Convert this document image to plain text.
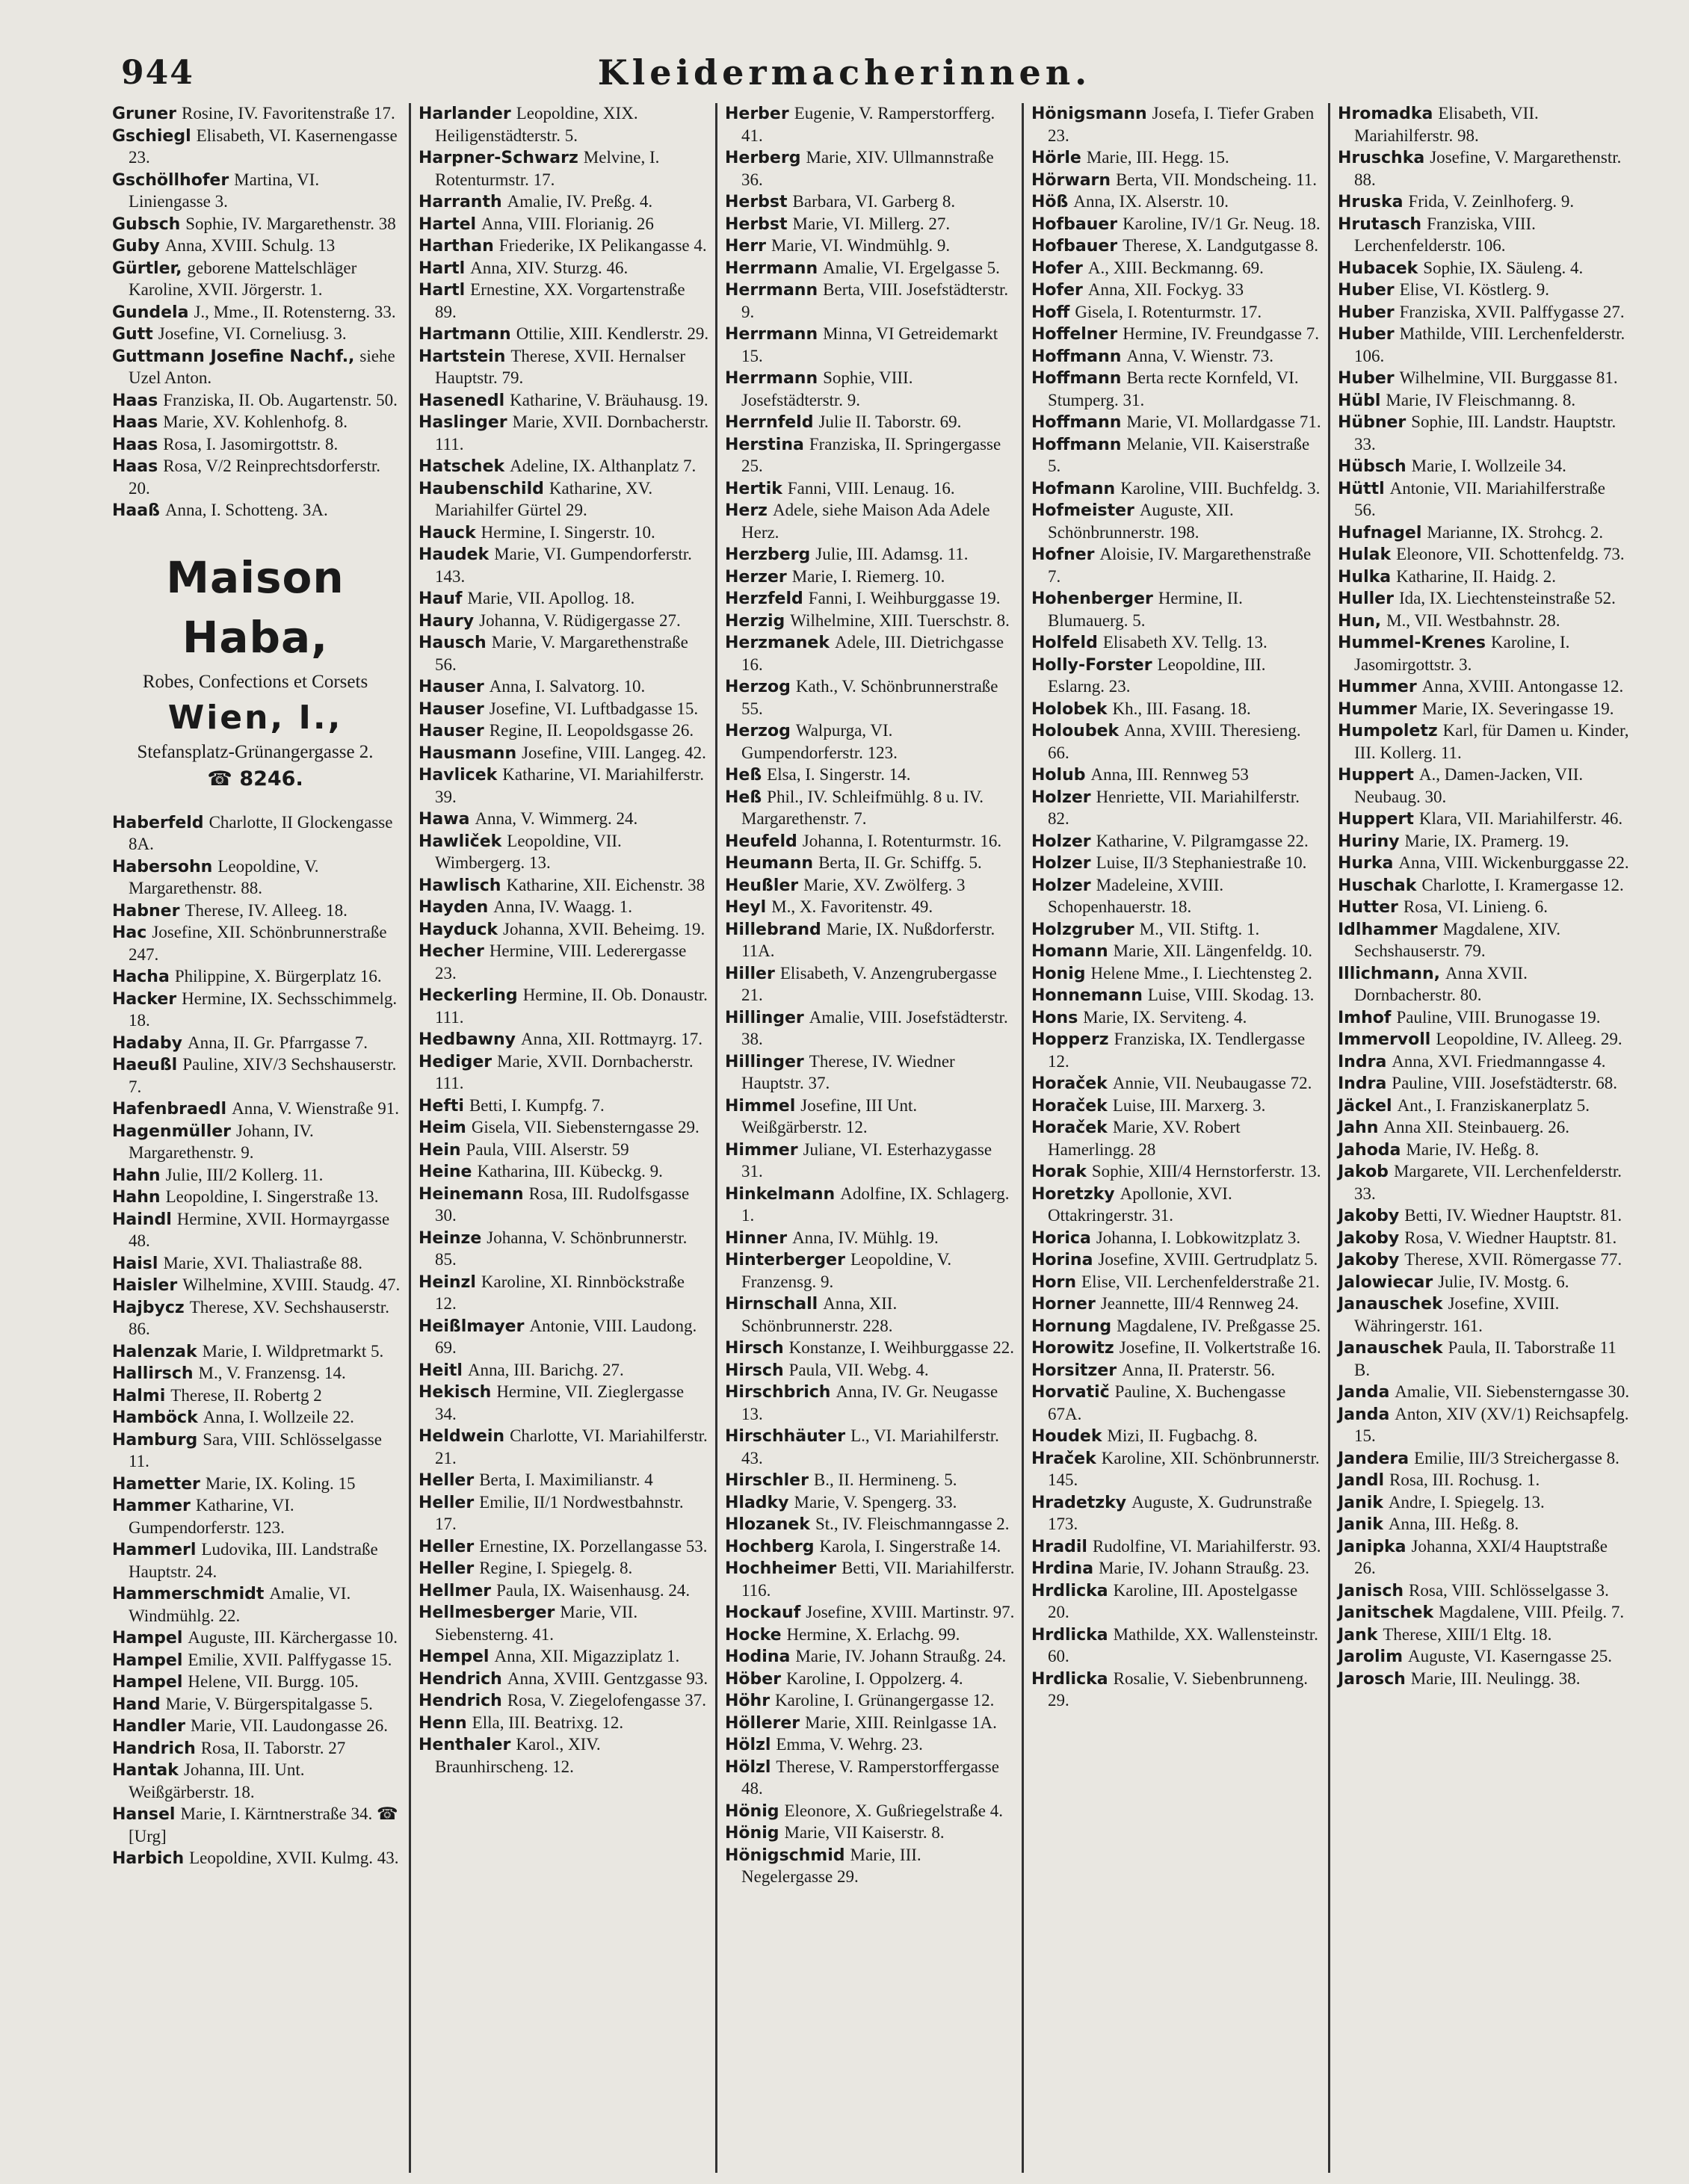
944	Kleidermacherinnen.

Gruner Rosine, IV. Favoritenstraße 17.

Gschiegl Elisabeth, VI. Kasernengasse 23.

Gschöllhofer Martina, VI. Liniengasse 3.

Gubsch Sophie, IV. Margarethenstr. 38

Guby Anna, XVIII. Schulg. 13

Gürtler, geborene Mattelschläger Karoline, XVII. Jörgerstr. 1.

Gundela J., Mme., II. Rotensterng. 33.

Gutt Josefine, VI. Corneliusg. 3.

Guttmann Josefine Nachf., siehe Uzel Anton.

Haas Franziska, II. Ob. Augartenstr. 50.

Haas Marie, XV. Kohlenhofg. 8.

Haas Rosa, I. Jasomirgottstr. 8.

Haas Rosa, V/2 Reinprechtsdorferstr. 20.

Haaß Anna, I. Schotteng. 3A.

Maison Haba,
Robes, Confections et Corsets
Wien, I.,
Stefansplatz-Grünangergasse 2.
☎ 8246.

Haberfeld Charlotte, II Glockengasse 8A.

Habersohn Leopoldine, V. Margarethenstr. 88.

Habner Therese, IV. Alleeg. 18.

Hac Josefine, XII. Schönbrunnerstraße 247.

Hacha Philippine, X. Bürgerplatz 16.

Hacker Hermine, IX. Sechsschimmelg. 18.

Hadaby Anna, II. Gr. Pfarrgasse 7.

Haeußl Pauline, XIV/3 Sechshauserstr. 7.

Hafenbraedl Anna, V. Wienstraße 91.

Hagenmüller Johann, IV. Margarethenstr. 9.

Hahn Julie, III/2 Kollerg. 11.

Hahn Leopoldine, I. Singerstraße 13.

Haindl Hermine, XVII. Hormayrgasse 48.

Haisl Marie, XVI. Thaliastraße 88.

Haisler Wilhelmine, XVIII. Staudg. 47.

Hajbycz Therese, XV. Sechshauserstr. 86.

Halenzak Marie, I. Wildpretmarkt 5.

Hallirsch M., V. Franzensg. 14.

Halmi Therese, II. Robertg 2

Hamböck Anna, I. Wollzeile 22.

Hamburg Sara, VIII. Schlösselgasse 11.

Hametter Marie, IX. Koling. 15

Hammer Katharine, VI. Gumpendorferstr. 123.

Hammerl Ludovika, III. Landstraße Hauptstr. 24.

Hammerschmidt Amalie, VI. Windmühlg. 22.

Hampel Auguste, III. Kärchergasse 10.

Hampel Emilie, XVII. Palffygasse 15.

Hampel Helene, VII. Burgg. 105.

Hand Marie, V. Bürgerspitalgasse 5.

Handler Marie, VII. Laudongasse 26.

Handrich Rosa, II. Taborstr. 27

Hantak Johanna, III. Unt. Weißgärberstr. 18.

Hansel Marie, I. Kärntnerstraße 34. ☎ [Urg]

Harbich Leopoldine, XVII. Kulmg. 43.

Harlander Leopoldine, XIX. Heiligenstädterstr. 5.

Harpner-Schwarz Melvine, I. Rotenturmstr. 17.

Harranth Amalie, IV. Preßg. 4.

Hartel Anna, VIII. Florianig. 26

Harthan Friederike, IX Pelikangasse 4.

Hartl Anna, XIV. Sturzg. 46.

Hartl Ernestine, XX. Vorgartenstraße 89.

Hartmann Ottilie, XIII. Kendlerstr. 29.

Hartstein Therese, XVII. Hernalser Hauptstr. 79.

Hasenedl Katharine, V. Bräuhausg. 19.

Haslinger Marie, XVII. Dornbacherstr. 111.

Hatschek Adeline, IX. Althanplatz 7.

Haubenschild Katharine, XV. Mariahilfer Gürtel 29.

Hauck Hermine, I. Singerstr. 10.

Haudek Marie, VI. Gumpendorferstr. 143.

Hauf Marie, VII. Apollog. 18.

Haury Johanna, V. Rüdigergasse 27.

Hausch Marie, V. Margarethenstraße 56.

Hauser Anna, I. Salvatorg. 10.

Hauser Josefine, VI. Luftbadgasse 15.

Hauser Regine, II. Leopoldsgasse 26.

Hausmann Josefine, VIII. Langeg. 42.

Havlicek Katharine, VI. Mariahilferstr. 39.

Hawa Anna, V. Wimmerg. 24.

Hawliček Leopoldine, VII. Wimbergerg. 13.

Hawlisch Katharine, XII. Eichenstr. 38

Hayden Anna, IV. Waagg. 1.

Hayduck Johanna, XVII. Beheimg. 19.

Hecher Hermine, VIII. Lederergasse 23.

Heckerling Hermine, II. Ob. Donaustr. 111.

Hedbawny Anna, XII. Rottmayrg. 17.

Hediger Marie, XVII. Dornbacherstr. 111.

Hefti Betti, I. Kumpfg. 7.

Heim Gisela, VII. Siebensterngasse 29.

Hein Paula, VIII. Alserstr. 59

Heine Katharina, III. Kübeckg. 9.

Heinemann Rosa, III. Rudolfsgasse 30.

Heinze Johanna, V. Schönbrunnerstr. 85.

Heinzl Karoline, XI. Rinnböckstraße 12.

Heißlmayer Antonie, VIII. Laudong. 69.

Heitl Anna, III. Barichg. 27.

Hekisch Hermine, VII. Zieglergasse 34.

Heldwein Charlotte, VI. Mariahilferstr. 21.

Heller Berta, I. Maximilianstr. 4

Heller Emilie, II/1 Nordwestbahnstr. 17.

Heller Ernestine, IX. Porzellangasse 53.

Heller Regine, I. Spiegelg. 8.

Hellmer Paula, IX. Waisenhausg. 24.

Hellmesberger Marie, VII. Siebensterng. 41.

Hempel Anna, XII. Migazziplatz 1.

Hendrich Anna, XVIII. Gentzgasse 93.

Hendrich Rosa, V. Ziegelofengasse 37.

Henn Ella, III. Beatrixg. 12.

Henthaler Karol., XIV. Braunhirscheng. 12.

Herber Eugenie, V. Ramperstorfferg. 41.

Herberg Marie, XIV. Ullmannstraße 36.

Herbst Barbara, VI. Garberg 8.

Herbst Marie, VI. Millerg. 27.

Herr Marie, VI. Windmühlg. 9.

Herrmann Amalie, VI. Ergelgasse 5.

Herrmann Berta, VIII. Josefstädterstr. 9.

Herrmann Minna, VI Getreidemarkt 15.

Herrmann Sophie, VIII. Josefstädterstr. 9.

Herrnfeld Julie II. Taborstr. 69.

Herstina Franziska, II. Springergasse 25.

Hertik Fanni, VIII. Lenaug. 16.

Herz Adele, siehe Maison Ada Adele Herz.

Herzberg Julie, III. Adamsg. 11.

Herzer Marie, I. Riemerg. 10.

Herzfeld Fanni, I. Weihburggasse 19.

Herzig Wilhelmine, XIII. Tuerschstr. 8.

Herzmanek Adele, III. Dietrichgasse 16.

Herzog Kath., V. Schönbrunnerstraße 55.

Herzog Walpurga, VI. Gumpendorferstr. 123.

Heß Elsa, I. Singerstr. 14.

Heß Phil., IV. Schleifmühlg. 8 u. IV. Margarethenstr. 7.

Heufeld Johanna, I. Rotenturmstr. 16.

Heumann Berta, II. Gr. Schiffg. 5.

Heußler Marie, XV. Zwölferg. 3

Heyl M., X. Favoritenstr. 49.

Hillebrand Marie, IX. Nußdorferstr. 11A.

Hiller Elisabeth, V. Anzengrubergasse 21.

Hillinger Amalie, VIII. Josefstädterstr. 38.

Hillinger Therese, IV. Wiedner Hauptstr. 37.

Himmel Josefine, III Unt. Weißgärberstr. 12.

Himmer Juliane, VI. Esterhazygasse 31.

Hinkelmann Adolfine, IX. Schlagerg. 1.

Hinner Anna, IV. Mühlg. 19.

Hinterberger Leopoldine, V. Franzensg. 9.

Hirnschall Anna, XII. Schönbrunnerstr. 228.

Hirsch Konstanze, I. Weihburggasse 22.

Hirsch Paula, VII. Webg. 4.

Hirschbrich Anna, IV. Gr. Neugasse 13.

Hirschhäuter L., VI. Mariahilferstr. 43.

Hirschler B., II. Hermineng. 5.

Hladky Marie, V. Spengerg. 33.

Hlozanek St., IV. Fleischmanngasse 2.

Hochberg Karola, I. Singerstraße 14.

Hochheimer Betti, VII. Mariahilferstr. 116.

Hockauf Josefine, XVIII. Martinstr. 97.

Hocke Hermine, X. Erlachg. 99.

Hodina Marie, IV. Johann Straußg. 24.

Höber Karoline, I. Oppolzerg. 4.

Höhr Karoline, I. Grünangergasse 12.

Höllerer Marie, XIII. Reinlgasse 1A.

Hölzl Emma, V. Wehrg. 23.

Hölzl Therese, V. Ramperstorffergasse 48.

Hönig Eleonore, X. Gußriegelstraße 4.

Hönig Marie, VII Kaiserstr. 8.

Hönigschmid Marie, III. Negelergasse 29.

Hönigsmann Josefa, I. Tiefer Graben 23.

Hörle Marie, III. Hegg. 15.

Hörwarn Berta, VII. Mondscheing. 11.

Höß Anna, IX. Alserstr. 10.

Hofbauer Karoline, IV/1 Gr. Neug. 18.

Hofbauer Therese, X. Landgutgasse 8.

Hofer A., XIII. Beckmanng. 69.

Hofer Anna, XII. Fockyg. 33

Hoff Gisela, I. Rotenturmstr. 17.

Hoffelner Hermine, IV. Freundgasse 7.

Hoffmann Anna, V. Wienstr. 73.

Hoffmann Berta recte Kornfeld, VI. Stumperg. 31.

Hoffmann Marie, VI. Mollardgasse 71.

Hoffmann Melanie, VII. Kaiserstraße 5.

Hofmann Karoline, VIII. Buchfeldg. 3.

Hofmeister Auguste, XII. Schönbrunnerstr. 198.

Hofner Aloisie, IV. Margarethenstraße 7.

Hohenberger Hermine, II. Blumauerg. 5.

Holfeld Elisabeth XV. Tellg. 13.

Holly-Forster Leopoldine, III. Eslarng. 23.

Holobek Kh., III. Fasang. 18.

Holoubek Anna, XVIII. Theresieng. 66.

Holub Anna, III. Rennweg 53

Holzer Henriette, VII. Mariahilferstr. 82.

Holzer Katharine, V. Pilgramgasse 22.

Holzer Luise, II/3 Stephaniestraße 10.

Holzer Madeleine, XVIII. Schopenhauerstr. 18.

Holzgruber M., VII. Stiftg. 1.

Homann Marie, XII. Längenfeldg. 10.

Honig Helene Mme., I. Liechtensteg 2.

Honnemann Luise, VIII. Skodag. 13.

Hons Marie, IX. Serviteng. 4.

Hopperz Franziska, IX. Tendlergasse 12.

Horaček Annie, VII. Neubaugasse 72.

Horaček Luise, III. Marxerg. 3.

Horaček Marie, XV. Robert Hamerlingg. 28

Horak Sophie, XIII/4 Hernstorferstr. 13.

Horetzky Apollonie, XVI. Ottakringerstr. 31.

Horica Johanna, I. Lobkowitzplatz 3.

Horina Josefine, XVIII. Gertrudplatz 5.

Horn Elise, VII. Lerchenfelderstraße 21.

Horner Jeannette, III/4 Rennweg 24.

Hornung Magdalene, IV. Preßgasse 25.

Horowitz Josefine, II. Volkertstraße 16.

Horsitzer Anna, II. Praterstr. 56.

Horvatič Pauline, X. Buchengasse 67A.

Houdek Mizi, II. Fugbachg. 8.

Hraček Karoline, XII. Schönbrunnerstr. 145.

Hradetzky Auguste, X. Gudrunstraße 173.

Hradil Rudolfine, VI. Mariahilferstr. 93.

Hrdina Marie, IV. Johann Straußg. 23.

Hrdlicka Karoline, III. Apostelgasse 20.

Hrdlicka Mathilde, XX. Wallensteinstr. 60.

Hrdlicka Rosalie, V. Siebenbrunneng. 29.

Hromadka Elisabeth, VII. Mariahilferstr. 98.

Hruschka Josefine, V. Margarethenstr. 88.

Hruska Frida, V. Zeinlhoferg. 9.

Hrutasch Franziska, VIII. Lerchenfelderstr. 106.

Hubacek Sophie, IX. Säuleng. 4.

Huber Elise, VI. Köstlerg. 9.

Huber Franziska, XVII. Palffygasse 27.

Huber Mathilde, VIII. Lerchenfelderstr. 106.

Huber Wilhelmine, VII. Burggasse 81.

Hübl Marie, IV Fleischmanng. 8.

Hübner Sophie, III. Landstr. Hauptstr. 33.

Hübsch Marie, I. Wollzeile 34.

Hüttl Antonie, VII. Mariahilferstraße 56.

Hufnagel Marianne, IX. Strohcg. 2.

Hulak Eleonore, VII. Schottenfeldg. 73.

Hulka Katharine, II. Haidg. 2.

Huller Ida, IX. Liechtensteinstraße 52.

Hun, M., VII. Westbahnstr. 28.

Hummel-Krenes Karoline, I. Jasomirgottstr. 3.

Hummer Anna, XVIII. Antongasse 12.

Hummer Marie, IX. Severingasse 19.

Humpoletz Karl, für Damen u. Kinder, III. Kollerg. 11.

Huppert A., Damen-Jacken, VII. Neubaug. 30.

Huppert Klara, VII. Mariahilferstr. 46.

Huriny Marie, IX. Pramerg. 19.

Hurka Anna, VIII. Wickenburggasse 22.

Huschak Charlotte, I. Kramergasse 12.

Hutter Rosa, VI. Linieng. 6.

Idlhammer Magdalene, XIV. Sechshauserstr. 79.

Illichmann, Anna XVII. Dornbacherstr. 80.

Imhof Pauline, VIII. Brunogasse 19.

Immervoll Leopoldine, IV. Alleeg. 29.

Indra Anna, XVI. Friedmanngasse 4.

Indra Pauline, VIII. Josefstädterstr. 68.

Jäckel Ant., I. Franziskanerplatz 5.

Jahn Anna XII. Steinbauerg. 26.

Jahoda Marie, IV. Heßg. 8.

Jakob Margarete, VII. Lerchenfelderstr. 33.

Jakoby Betti, IV. Wiedner Hauptstr. 81.

Jakoby Rosa, V. Wiedner Hauptstr. 81.

Jakoby Therese, XVII. Römergasse 77.

Jalowiecar Julie, IV. Mostg. 6.

Janauschek Josefine, XVIII. Währingerstr. 161.

Janauschek Paula, II. Taborstraße 11 B.

Janda Amalie, VII. Siebensterngasse 30.

Janda Anton, XIV (XV/1) Reichsapfelg. 15.

Jandera Emilie, III/3 Streichergasse 8.

Jandl Rosa, III. Rochusg. 1.

Janik Andre, I. Spiegelg. 13.

Janik Anna, III. Heßg. 8.

Janipka Johanna, XXI/4 Hauptstraße 26.

Janisch Rosa, VIII. Schlösselgasse 3.

Janitschek Magdalene, VIII. Pfeilg. 7.

Jank Therese, XIII/1 Eltg. 18.

Jarolim Auguste, VI. Kaserngasse 25.

Jarosch Marie, III. Neulingg. 38.
